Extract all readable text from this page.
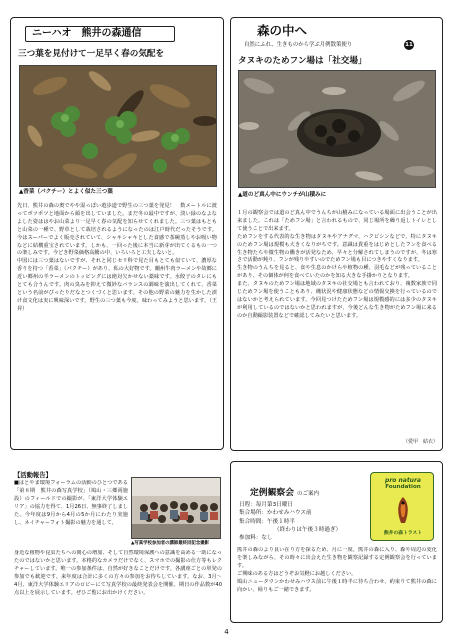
ニーハオ　熊井の森通信
三つ葉を見付けて一足早く春の気配を
▲香菜（パクチー）とよく似た三つ葉
先日、熊井の森の奥でやや湿っぽい遊歩道で野生の三つ葉を発見！　数メートルに渡ってポツポツと地面から顔を出していました。まだ冬の最中ですが、淡い緑のなよなよした姿ははやお山菜より一足早く春の気配を知らせてくれました。三つ葉はもともと山菜の一種で、野草として栽培されるようになったのは江戸時代だったそうです。今はスーパーでよく販売されていて、シャキシャキとした食感で茶碗蒸しやお吸い物などに結構重宝されています。しかも、一回った後に本当に新芽が出てくるもの一つの楽しみです。今どき野菜価格高騰の中、いろいろと工夫しないと。
中国には三つ葉はないですが、それと同じセリ科で見た目もとても似ていて、濃厚な香りを持つ「香菜」（パクチー）があり、私の大好物です。蘭州牛肉ラーメンや故郷に近い郷州の羊ラーメンのトッピングには絶対欠かせない薬味です。水餃子のタレにもとても合うんです。肉の臭みを抑えて微妙なバランスの調味を演出してくれて、香菜という名前がぴったりだなとつくづくと思います。その他の野菜の魅力を生かした漬け食文化は実に興味深いです。野生の三つ葉も今度、味わってみようと思います。（王　昇）
森の中へ
自然にふれ、生きものから学ぶ月例散策便り	11
タヌキのためフン場は「社交場」
▲道のど真ん中にウンチが山積みに
１月の観察会では道のど真ん中でうんちが山積みになっている場面に出会うことが出来ました。これは「ためフン場」と言われるもので、同じ場所を繰り返しトイレとして使うことで出来ます。
ためフンをする代表的な生き物はタヌキやアナグマ、ハクビシンなどで、特にタヌキのためフン場は規模も大きくなりがちです。意識は貴重をはじめとしたフンを食べる生き物たちや微生物の働きが活発なため、早々と分解されてしまうのですが、冬は寒さで活動が鈍り、フンが残りやすいのでためフン場も目につきやすくなります。
生き物のうんちを見ると、食や生息のかけらや植物の種、羽毛などが残っていることがあり、その個体が何を食べていたのかを知る大きな手掛かりとなります。
また、タヌキのためフン場は地域のタヌキの社交場とも言われており、複数家族で同じためフン場を使うこともあり、縄状況や健康状態などの情報交換を行っているのではないかと考えられています。今回見つけたためフン場は規模感的には多少のタヌキが利用しているのではないかと思われますが、今後どんな生き物がためフン場に来るのか自動撮影装置などで確認してみたいと思います。
（愛甲　結衣）
【活動報告】
■はとやま環境フォーラムの活動のひとつである「第８期　熊井の森写真学校」（鳩山・三郷両施設）のフィールドでの撮影が、「東洋大学体験エリア」の協力を得て、1月26日、無事終了しました。今年度は9月から4月の5か月にわたり実施し、ネイチャーフォト撮影の魅力を通して、
▲写真学校参加者の講師最終回記念撮影
身近な植物や昆虫たちへの関心の増加、そして自然環境保護への意識を高める一助になったのではないかと思います。本格的なカメラだけでなく、スマホでの撮影の仕方等もレクチャーしています。唯一の参加条件は、自然が好きなことだけです。各講座ごとの単発の参加でも歓迎です。来年度は合計に多くの方々の参加をお待ちしています。なお、3月～4月、東洋大学体験エリアのロビーにて写真学校の最終発表会を開催、期日の作品数が40点以上を展示しています。ぜひご覧にお出かけください。
定例観察会 のご案内
日程：毎月第3日曜日
集合場所：かわせみハウス前
集合時間：午後１時半
（終わりは午後３時過ぎ）
参加料：なし
pro natura
Foundation
熊井の森トラスト
熊井の森のより良い在り方を探るため、月に一度、熊井の森に入り、森や周辺の変化を楽しみながら、その時々に出会えた生き物を観察記録する定例観察会を行っています。
ご興味のある方はどうぞお気軽にお越しください。
鳩山ニュータウンかわせみハウス前に午後１時半に待ち合わせ、約束りて熊井の森に向かい、帰りもご一緒できます。
4
